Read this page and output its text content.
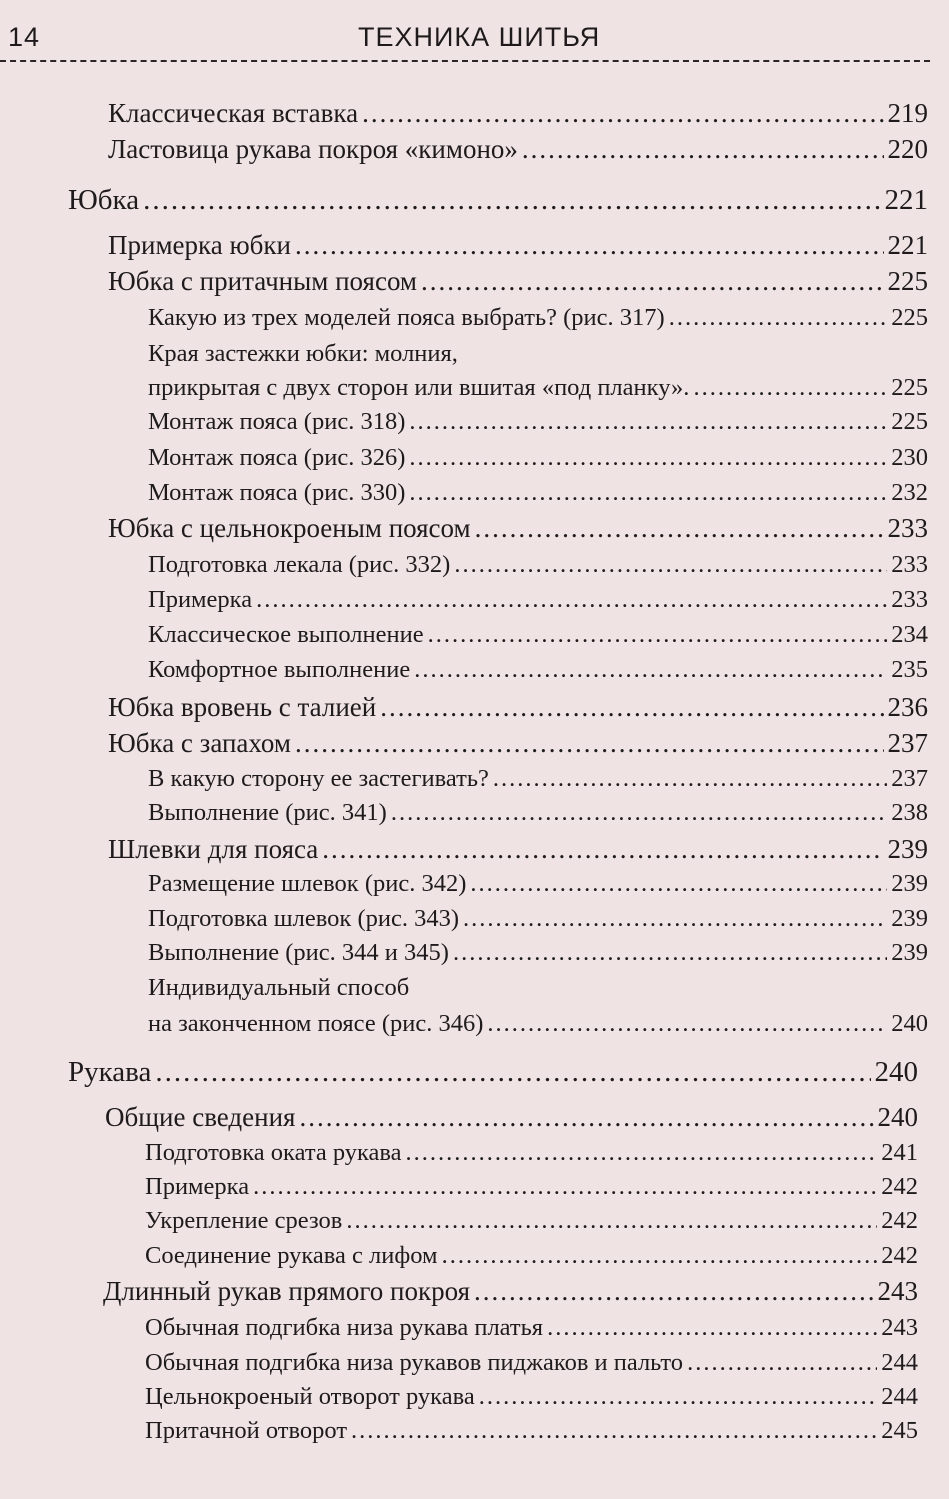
14	ТЕХНИКА ШИТЬЯ
Классическая вставка .....	219
Ластовица рукава покроя «кимоно» .....	220
Юбка .....	221
Примерка юбки .....	221
Юбка с притачным поясом .....	225
Какую из трех моделей пояса выбрать? (рис. 317) .....	225
Края застежки юбки: молния,
прикрытая с двух сторон или вшитая «под планку». .....	225
Монтаж пояса (рис. 318) .....	225
Монтаж пояса (рис. 326) .....	230
Монтаж пояса (рис. 330) .....	232
Юбка с цельнокроеным поясом .....	233
Подготовка лекала (рис. 332) .....	233
Примерка .....	233
Классическое выполнение .....	234
Комфортное выполнение .....	235
Юбка вровень с талией .....	236
Юбка с запахом .....	237
В какую сторону ее застегивать? .....	237
Выполнение (рис. 341) .....	238
Шлевки для пояса .....	239
Размещение шлевок (рис. 342) .....	239
Подготовка шлевок (рис. 343) .....	239
Выполнение (рис. 344 и 345) .....	239
Индивидуальный способ
на законченном поясе (рис. 346) .....	240
Рукава .....	240
Общие сведения .....	240
Подготовка оката рукава .....	241
Примерка .....	242
Укрепление срезов .....	242
Соединение рукава с лифом .....	242
Длинный рукав прямого покроя .....	243
Обычная подгибка низа рукава платья .....	243
Обычная подгибка низа рукавов пиджаков и пальто .....	244
Цельнокроеный отворот рукава .....	244
Притачной отворот .....	245
